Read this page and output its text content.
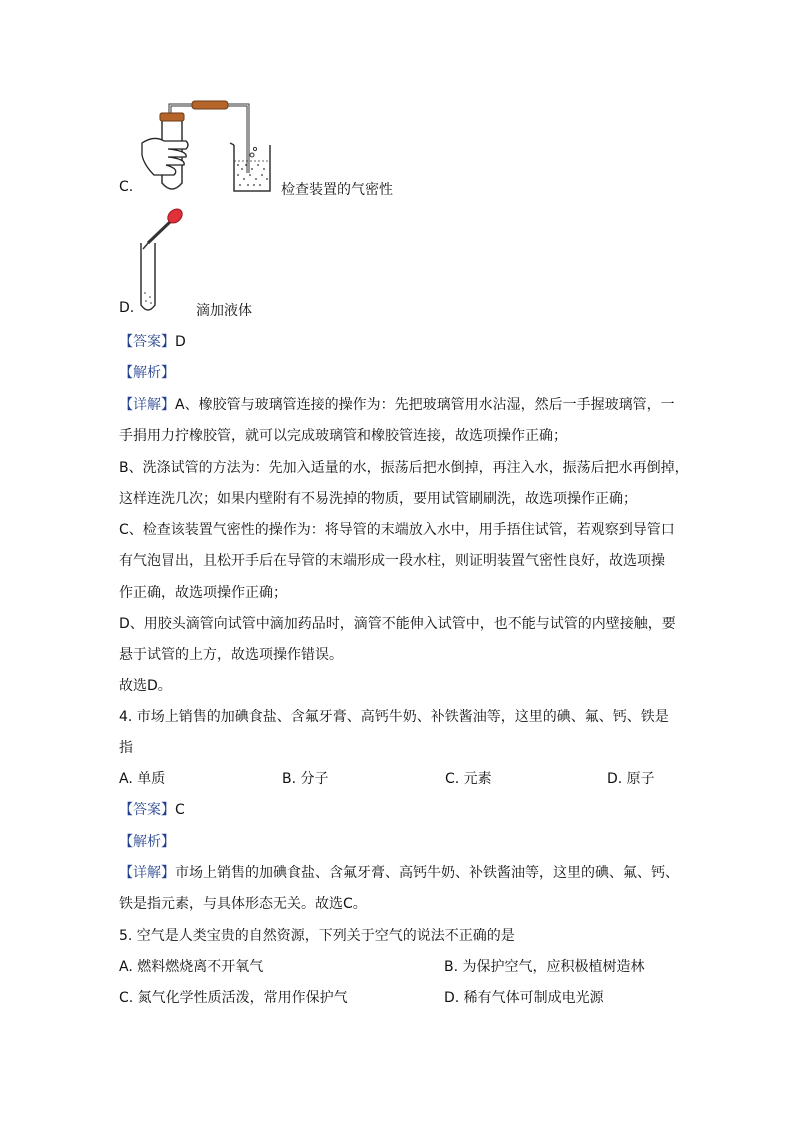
C.	检查装置的气密性
D.	滴加液体
【答案】D
【解析】
【详解】A、橡胶管与玻璃管连接的操作为：先把玻璃管用水沾湿，然后一手握玻璃管，一
手捐用力拧橡胶管，就可以完成玻璃管和橡胶管连接，故选项操作正确；
B、洗涤试管的方法为：先加入适量的水，振荡后把水倒掉，再注入水，振荡后把水再倒掉，
这样连洗几次；如果内壁附有不易洗掉的物质，要用试管刷刷洗，故选项操作正确；
C、检查该装置气密性的操作为：将导管的末端放入水中，用手捂住试管，若观察到导管口
有气泡冒出，且松开手后在导管的末端形成一段水柱，则证明装置气密性良好，故选项操
作正确，故选项操作正确；
D、用胶头滴管向试管中滴加药品时，滴管不能伸入试管中，也不能与试管的内壁接触，要
悬于试管的上方，故选项操作错误。
故选D。
4. 市场上销售的加碘食盐、含氟牙膏、高钙牛奶、补铁酱油等，这里的碘、氟、钙、铁是
指
A. 单质	B. 分子	C. 元素	D. 原子
【答案】C
【解析】
【详解】市场上销售的加碘食盐、含氟牙膏、高钙牛奶、补铁酱油等，这里的碘、氟、钙、
铁是指元素，与具体形态无关。故选C。
5. 空气是人类宝贵的自然资源，下列关于空气的说法不正确的是
A. 燃料燃烧离不开氧气	B. 为保护空气，应积极植树造林
C. 氮气化学性质活泼，常用作保护气	D. 稀有气体可制成电光源
